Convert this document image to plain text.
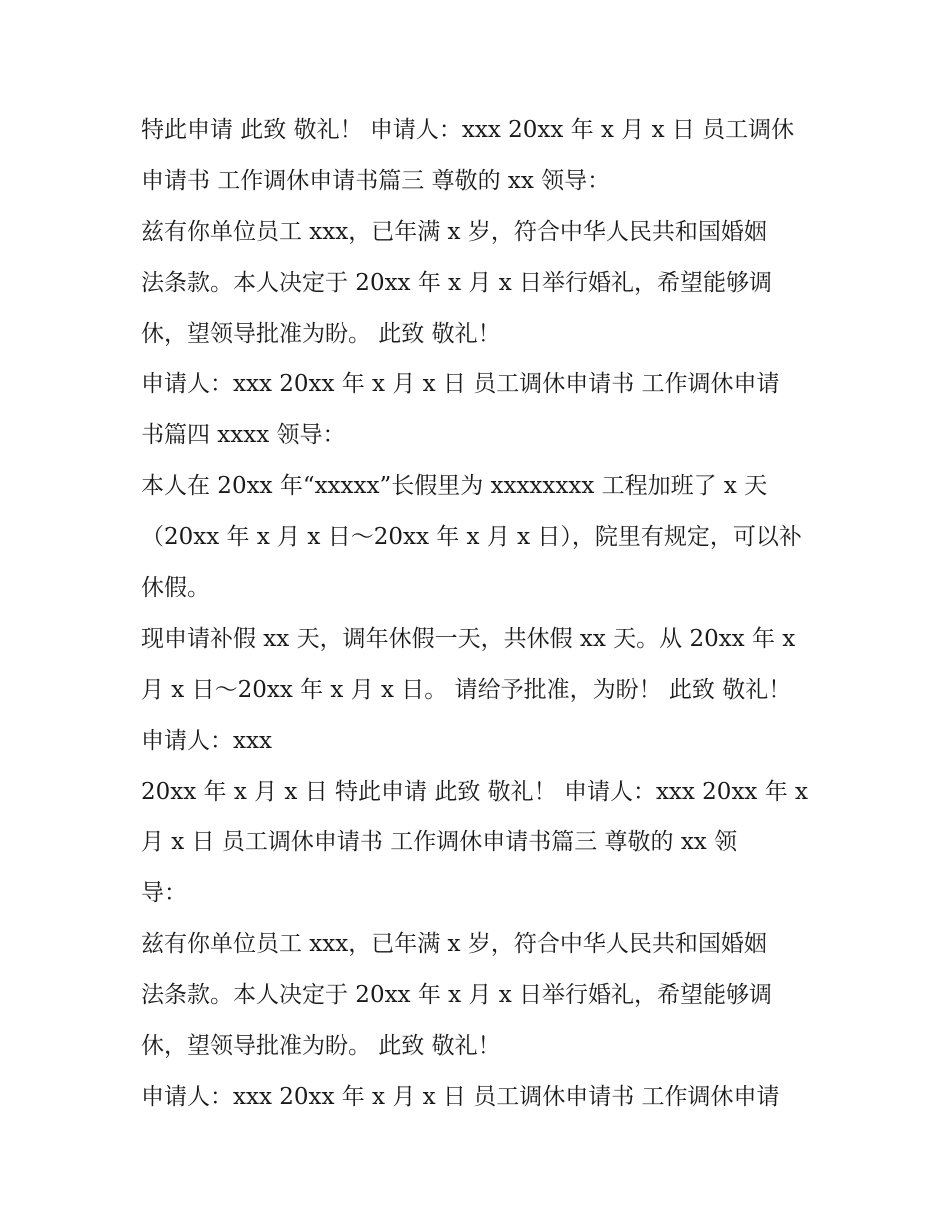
特此申请 此致 敬礼！ 申请人：xxx 20xx 年 x 月 x 日 员工调休
申请书 工作调休申请书篇三 尊敬的 xx 领导：
兹有你单位员工 xxx，已年满 x 岁，符合中华人民共和国婚姻
法条款。本人决定于 20xx 年 x 月 x 日举行婚礼，希望能够调
休，望领导批准为盼。 此致 敬礼！
申请人：xxx 20xx 年 x 月 x 日 员工调休申请书 工作调休申请
书篇四 xxxx 领导：
本人在 20xx 年“xxxxx”长假里为 xxxxxxxx 工程加班了 x 天
（20xx 年 x 月 x 日～20xx 年 x 月 x 日），院里有规定，可以补
休假。
现申请补假 xx 天，调年休假一天，共休假 xx 天。从 20xx 年 x
月 x 日～20xx 年 x 月 x 日。 请给予批准，为盼！ 此致 敬礼！
申请人：xxx
20xx 年 x 月 x 日 特此申请 此致 敬礼！ 申请人：xxx 20xx 年 x
月 x 日 员工调休申请书 工作调休申请书篇三 尊敬的 xx 领
导：
兹有你单位员工 xxx，已年满 x 岁，符合中华人民共和国婚姻
法条款。本人决定于 20xx 年 x 月 x 日举行婚礼，希望能够调
休，望领导批准为盼。 此致 敬礼！
申请人：xxx 20xx 年 x 月 x 日 员工调休申请书 工作调休申请
